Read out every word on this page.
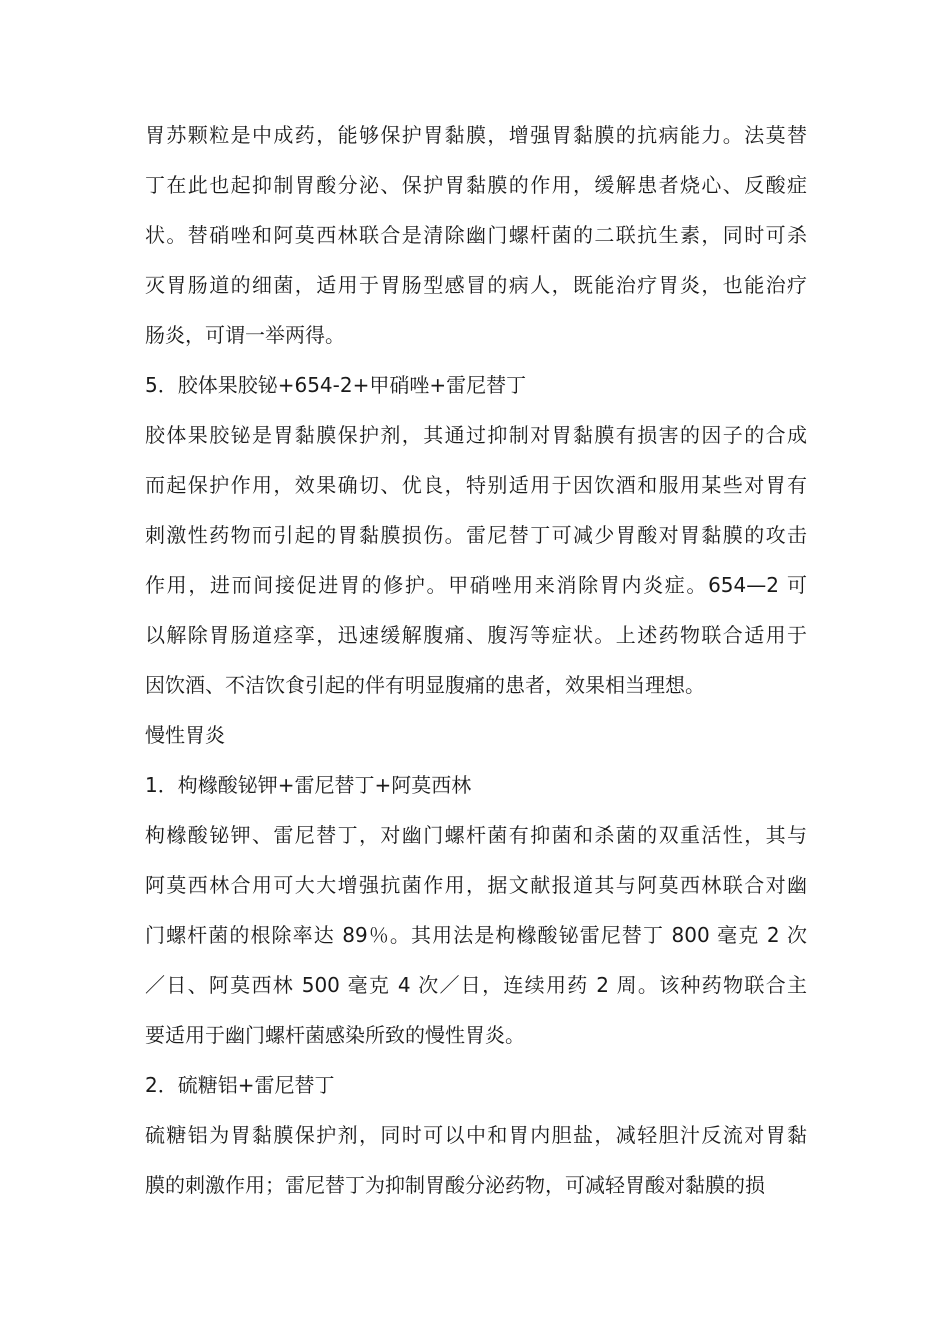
胃苏颗粒是中成药，能够保护胃黏膜，增强胃黏膜的抗病能力。法莫替
丁在此也起抑制胃酸分泌、保护胃黏膜的作用，缓解患者烧心、反酸症
状。替硝唑和阿莫西林联合是清除幽门螺杆菌的二联抗生素，同时可杀
灭胃肠道的细菌，适用于胃肠型感冒的病人，既能治疗胃炎，也能治疗
肠炎，可谓一举两得。
5．胶体果胶铋+654-2+甲硝唑+雷尼替丁
胶体果胶铋是胃黏膜保护剂，其通过抑制对胃黏膜有损害的因子的合成
而起保护作用，效果确切、优良，特别适用于因饮酒和服用某些对胃有
刺激性药物而引起的胃黏膜损伤。雷尼替丁可减少胃酸对胃黏膜的攻击
作用，进而间接促进胃的修护。甲硝唑用来消除胃内炎症。654—2 可
以解除胃肠道痉挛，迅速缓解腹痛、腹泻等症状。上述药物联合适用于
因饮酒、不洁饮食引起的伴有明显腹痛的患者，效果相当理想。
慢性胃炎
1．枸橼酸铋钾+雷尼替丁+阿莫西林
枸橼酸铋钾、雷尼替丁，对幽门螺杆菌有抑菌和杀菌的双重活性，其与
阿莫西林合用可大大增强抗菌作用，据文献报道其与阿莫西林联合对幽
门螺杆菌的根除率达 89％。其用法是枸橼酸铋雷尼替丁 800 毫克 2 次
／日、阿莫西林 500 毫克 4 次／日，连续用药 2 周。该种药物联合主
要适用于幽门螺杆菌感染所致的慢性胃炎。
2．硫糖铝+雷尼替丁
硫糖铝为胃黏膜保护剂，同时可以中和胃内胆盐，减轻胆汁反流对胃黏
膜的刺激作用；雷尼替丁为抑制胃酸分泌药物，可减轻胃酸对黏膜的损
